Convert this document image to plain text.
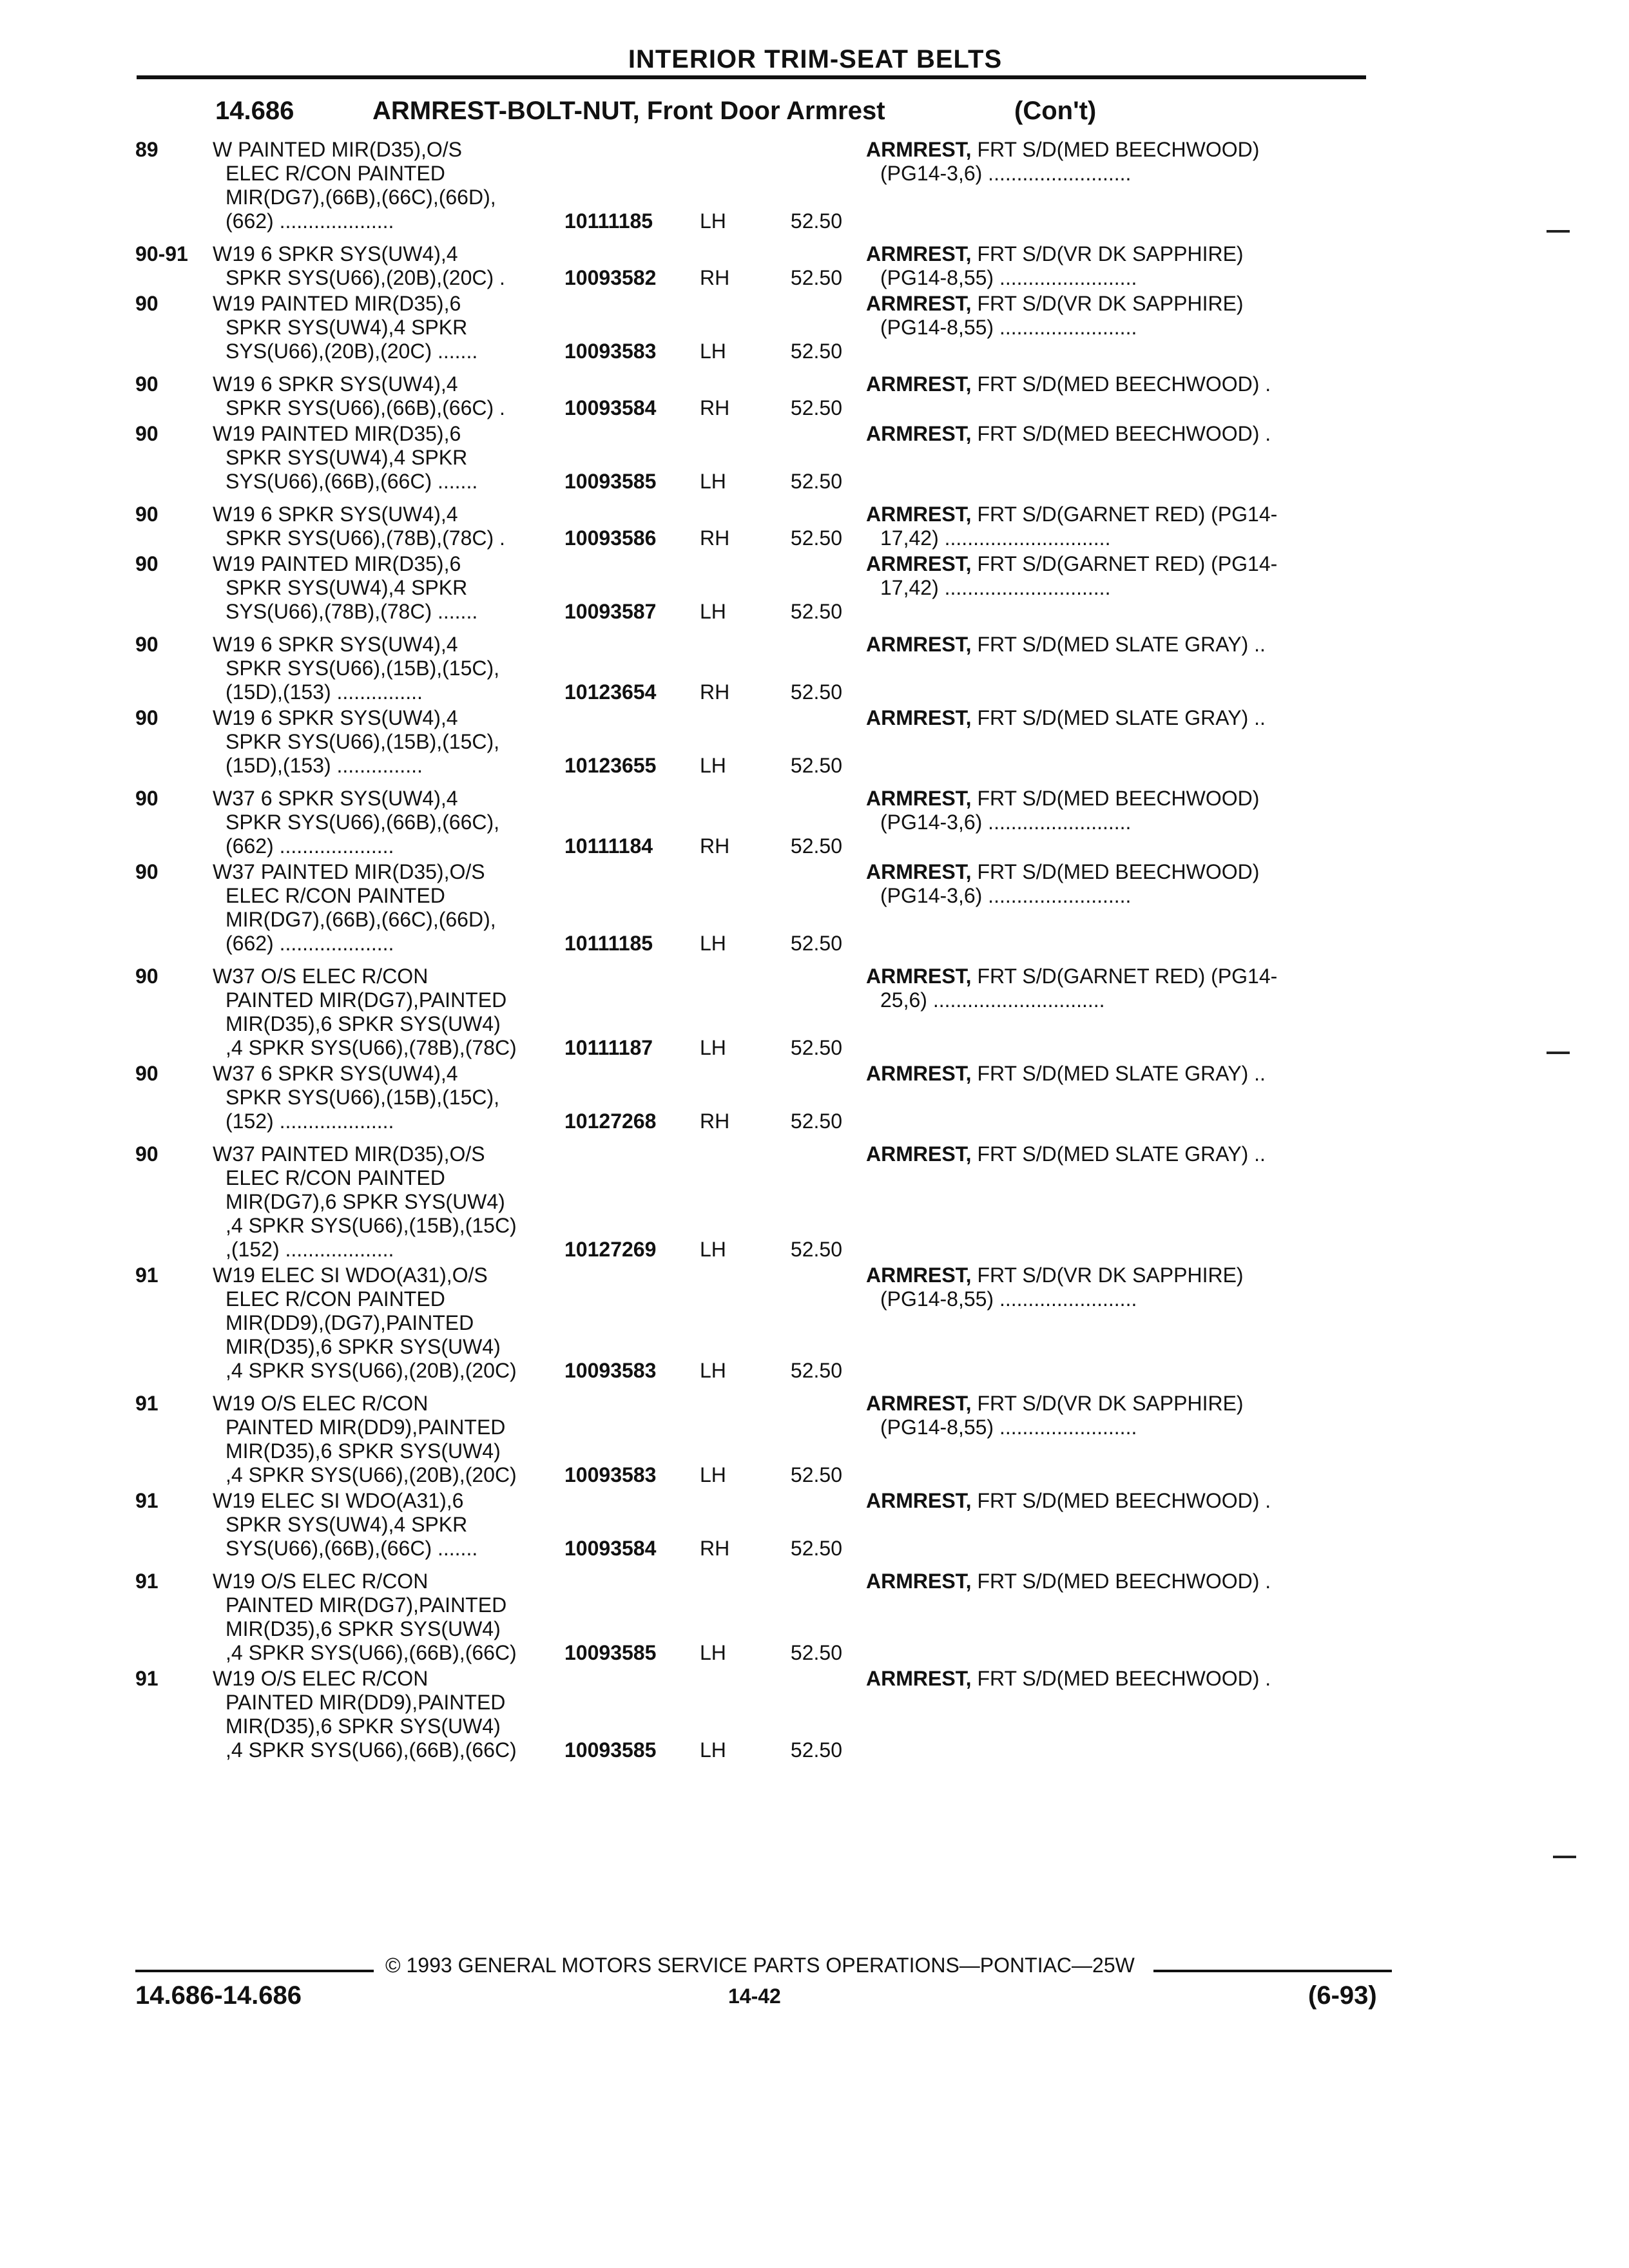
INTERIOR TRIM-SEAT BELTS
14.686	ARMREST-BOLT-NUT, Front Door Armrest	(Con't)
89	W PAINTED MIR(D35),O/S
ELEC R/CON PAINTED
MIR(DG7),(66B),(66C),(66D),
(662) ....................	10111185	LH	52.50
ARMREST, FRT S/D(MED BEECHWOOD)
(PG14-3,6) .........................
90-91	W19 6 SPKR SYS(UW4),4
SPKR SYS(U66),(20B),(20C) .	10093582	RH	52.50
ARMREST, FRT S/D(VR DK SAPPHIRE)
(PG14-8,55) ........................
90	W19 PAINTED MIR(D35),6
SPKR SYS(UW4),4 SPKR
SYS(U66),(20B),(20C) .......	10093583	LH	52.50
ARMREST, FRT S/D(VR DK SAPPHIRE)
(PG14-8,55) ........................
90	W19 6 SPKR SYS(UW4),4
SPKR SYS(U66),(66B),(66C) .	10093584	RH	52.50
ARMREST, FRT S/D(MED BEECHWOOD) .
90	W19 PAINTED MIR(D35),6
SPKR SYS(UW4),4 SPKR
SYS(U66),(66B),(66C) .......	10093585	LH	52.50
ARMREST, FRT S/D(MED BEECHWOOD) .
90	W19 6 SPKR SYS(UW4),4
SPKR SYS(U66),(78B),(78C) .	10093586	RH	52.50
ARMREST, FRT S/D(GARNET RED) (PG14-
17,42) .............................
90	W19 PAINTED MIR(D35),6
SPKR SYS(UW4),4 SPKR
SYS(U66),(78B),(78C) .......	10093587	LH	52.50
ARMREST, FRT S/D(GARNET RED) (PG14-
17,42) .............................
90	W19 6 SPKR SYS(UW4),4
SPKR SYS(U66),(15B),(15C),
(15D),(153) ...............	10123654	RH	52.50
ARMREST, FRT S/D(MED SLATE GRAY) ..
90	W19 6 SPKR SYS(UW4),4
SPKR SYS(U66),(15B),(15C),
(15D),(153) ...............	10123655	LH	52.50
ARMREST, FRT S/D(MED SLATE GRAY) ..
90	W37 6 SPKR SYS(UW4),4
SPKR SYS(U66),(66B),(66C),
(662) ....................	10111184	RH	52.50
ARMREST, FRT S/D(MED BEECHWOOD)
(PG14-3,6) .........................
90	W37 PAINTED MIR(D35),O/S
ELEC R/CON PAINTED
MIR(DG7),(66B),(66C),(66D),
(662) ....................	10111185	LH	52.50
ARMREST, FRT S/D(MED BEECHWOOD)
(PG14-3,6) .........................
90	W37 O/S ELEC R/CON
PAINTED MIR(DG7),PAINTED
MIR(D35),6 SPKR SYS(UW4)
,4 SPKR SYS(U66),(78B),(78C)	10111187	LH	52.50
ARMREST, FRT S/D(GARNET RED) (PG14-
25,6) ..............................
90	W37 6 SPKR SYS(UW4),4
SPKR SYS(U66),(15B),(15C),
(152) ....................	10127268	RH	52.50
ARMREST, FRT S/D(MED SLATE GRAY) ..
90	W37 PAINTED MIR(D35),O/S
ELEC R/CON PAINTED
MIR(DG7),6 SPKR SYS(UW4)
,4 SPKR SYS(U66),(15B),(15C)
,(152) ...................	10127269	LH	52.50
ARMREST, FRT S/D(MED SLATE GRAY) ..
91	W19 ELEC SI WDO(A31),O/S
ELEC R/CON PAINTED
MIR(DD9),(DG7),PAINTED
MIR(D35),6 SPKR SYS(UW4)
,4 SPKR SYS(U66),(20B),(20C)	10093583	LH	52.50
ARMREST, FRT S/D(VR DK SAPPHIRE)
(PG14-8,55) ........................
91	W19 O/S ELEC R/CON
PAINTED MIR(DD9),PAINTED
MIR(D35),6 SPKR SYS(UW4)
,4 SPKR SYS(U66),(20B),(20C)	10093583	LH	52.50
ARMREST, FRT S/D(VR DK SAPPHIRE)
(PG14-8,55) ........................
91	W19 ELEC SI WDO(A31),6
SPKR SYS(UW4),4 SPKR
SYS(U66),(66B),(66C) .......	10093584	RH	52.50
ARMREST, FRT S/D(MED BEECHWOOD) .
91	W19 O/S ELEC R/CON
PAINTED MIR(DG7),PAINTED
MIR(D35),6 SPKR SYS(UW4)
,4 SPKR SYS(U66),(66B),(66C)	10093585	LH	52.50
ARMREST, FRT S/D(MED BEECHWOOD) .
91	W19 O/S ELEC R/CON
PAINTED MIR(DD9),PAINTED
MIR(D35),6 SPKR SYS(UW4)
,4 SPKR SYS(U66),(66B),(66C)	10093585	LH	52.50
ARMREST, FRT S/D(MED BEECHWOOD) .
© 1993 GENERAL MOTORS SERVICE PARTS OPERATIONS—PONTIAC—25W
14.686-14.686	14-42	(6-93)
